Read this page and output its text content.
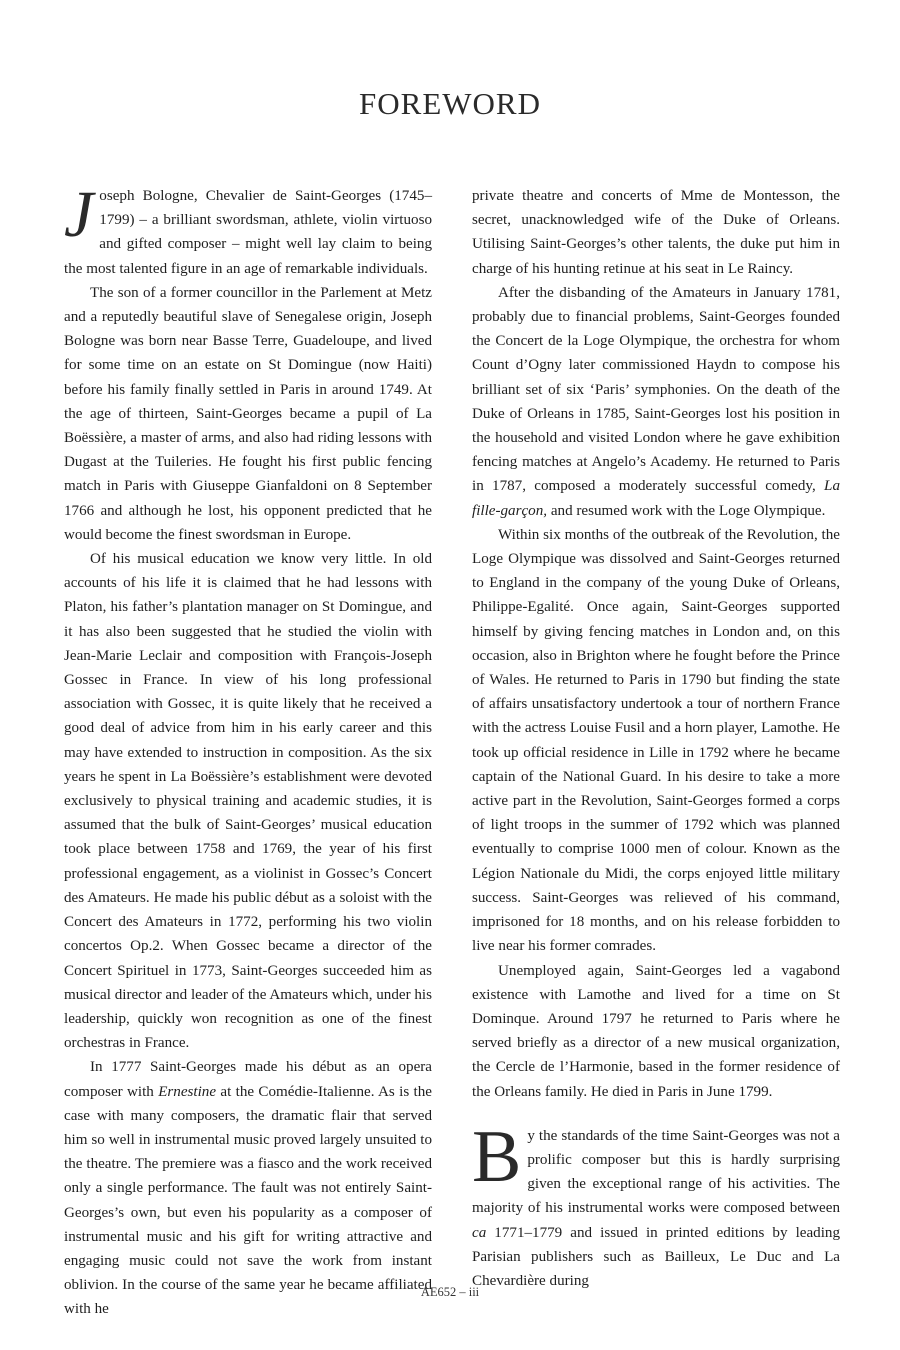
FOREWORD

Joseph Bologne, Chevalier de Saint-Georges (1745–1799) – a brilliant swordsman, athlete, violin virtuoso and gifted composer – might well lay claim to being the most talented figure in an age of remarkable individuals.

The son of a former councillor in the Parlement at Metz and a reputedly beautiful slave of Senegalese origin, Joseph Bologne was born near Basse Terre, Guadeloupe, and lived for some time on an estate on St Domingue (now Haiti) before his family finally settled in Paris in around 1749. At the age of thirteen, Saint-Georges became a pupil of La Boëssière, a master of arms, and also had riding lessons with Dugast at the Tuileries. He fought his first public fencing match in Paris with Giuseppe Gianfaldoni on 8 September 1766 and although he lost, his opponent predicted that he would become the finest swordsman in Europe.

Of his musical education we know very little. In old accounts of his life it is claimed that he had lessons with Platon, his father’s plantation manager on St Domingue, and it has also been suggested that he studied the violin with Jean-Marie Leclair and composition with François-Joseph Gossec in France. In view of his long professional association with Gossec, it is quite likely that he received a good deal of advice from him in his early career and this may have extended to instruction in composition. As the six years he spent in La Boëssière’s establishment were devoted exclusively to physical training and academic studies, it is assumed that the bulk of Saint-Georges’ musical education took place between 1758 and 1769, the year of his first professional engagement, as a violinist in Gossec’s Concert des Amateurs. He made his public début as a soloist with the Concert des Amateurs in 1772, performing his two violin concertos Op.2. When Gossec became a director of the Concert Spirituel in 1773, Saint-Georges succeeded him as musical director and leader of the Amateurs which, under his leadership, quickly won recognition as one of the finest orchestras in France.

In 1777 Saint-Georges made his début as an opera composer with Ernestine at the Comédie-Italienne. As is the case with many composers, the dramatic flair that served him so well in instrumental music proved largely unsuited to the theatre. The premiere was a fiasco and the work received only a single performance. The fault was not entirely Saint-Georges’s own, but even his popularity as a composer of instrumental music and his gift for writing attractive and engaging music could not save the work from instant oblivion. In the course of the same year he became affiliated with he

private theatre and concerts of Mme de Montesson, the secret, unacknowledged wife of the Duke of Orleans. Utilising Saint-Georges’s other talents, the duke put him in charge of his hunting retinue at his seat in Le Raincy.

After the disbanding of the Amateurs in January 1781, probably due to financial problems, Saint-Georges founded the Concert de la Loge Olympique, the orchestra for whom Count d’Ogny later commissioned Haydn to compose his brilliant set of six ‘Paris’ symphonies. On the death of the Duke of Orleans in 1785, Saint-Georges lost his position in the household and visited London where he gave exhibition fencing matches at Angelo’s Academy. He returned to Paris in 1787, composed a moderately successful comedy, La fille-garçon, and resumed work with the Loge Olympique.

Within six months of the outbreak of the Revolution, the Loge Olympique was dissolved and Saint-Georges returned to England in the company of the young Duke of Orleans, Philippe-Egalité. Once again, Saint-Georges supported himself by giving fencing matches in London and, on this occasion, also in Brighton where he fought before the Prince of Wales. He returned to Paris in 1790 but finding the state of affairs unsatisfactory undertook a tour of northern France with the actress Louise Fusil and a horn player, Lamothe. He took up official residence in Lille in 1792 where he became captain of the National Guard. In his desire to take a more active part in the Revolution, Saint-Georges formed a corps of light troops in the summer of 1792 which was planned eventually to comprise 1000 men of colour. Known as the Légion Nationale du Midi, the corps enjoyed little military success. Saint-Georges was relieved of his command, imprisoned for 18 months, and on his release forbidden to live near his former comrades.

Unemployed again, Saint-Georges led a vagabond existence with Lamothe and lived for a time on St Dominque. Around 1797 he returned to Paris where he served briefly as a director of a new musical organization, the Cercle de l’Harmonie, based in the former residence of the Orleans family. He died in Paris in June 1799.

By the standards of the time Saint-Georges was not a prolific composer but this is hardly surprising given the exceptional range of his activities. The majority of his instrumental works were composed between ca 1771–1779 and issued in printed editions by leading Parisian publishers such as Bailleux, Le Duc and La Chevardière during

AE652 – iii
